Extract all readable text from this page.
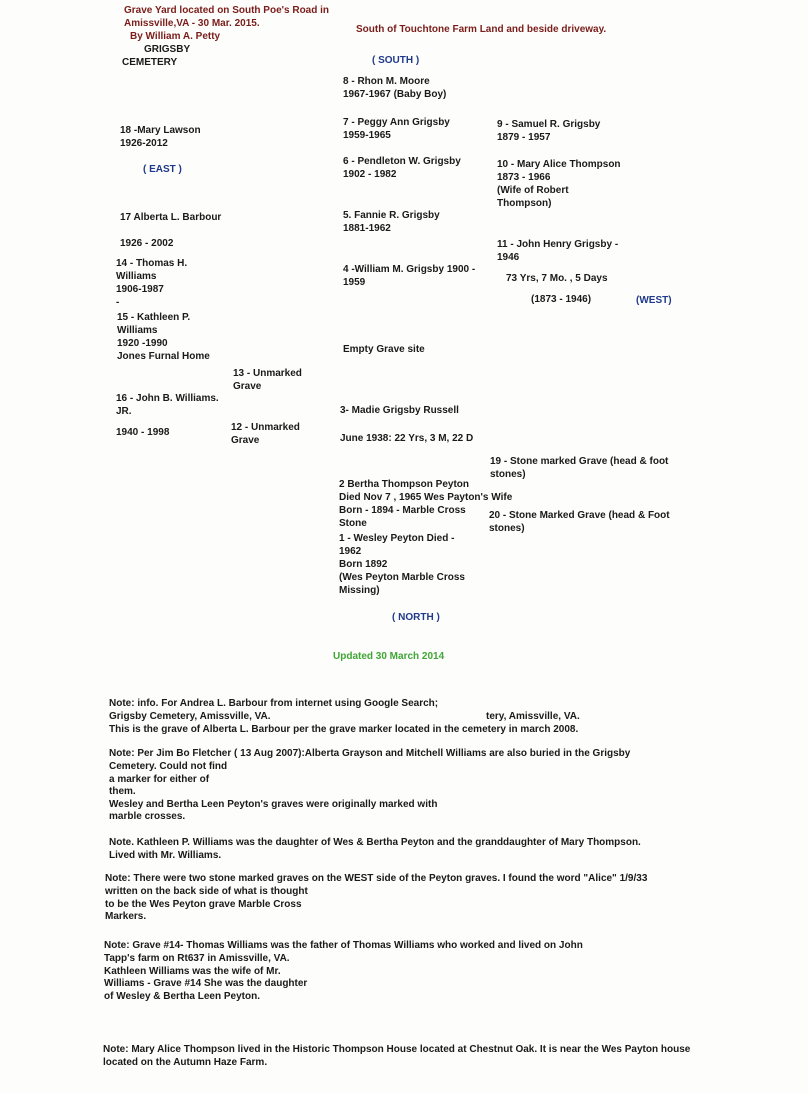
Grave Yard located on South Poe's Road in

Amissville,VA - 30 Mar. 2015.

By William A. Petty

GRIGSBY

CEMETERY

South of Touchtone Farm Land and beside driveway.

( SOUTH )

( EAST )

(WEST)

( NORTH )

8 - Rhon M. Moore
1967-1967 (Baby Boy)

7 - Peggy Ann Grigsby
1959-1965

9 - Samuel R. Grigsby
1879 - 1957

18 -Mary Lawson
1926-2012

6 - Pendleton W. Grigsby
1902 - 1982

10 - Mary Alice Thompson
1873 - 1966
(Wife of Robert
Thompson)

17 Alberta L. Barbour	5. Fannie R. Grigsby
1881-1962

1926 - 2002	11 - John Henry Grigsby -
1946

73 Yrs, 7 Mo. , 5 Days

(1873 - 1946)

14 - Thomas H.
Williams
1906-1987
-

4 -William M. Grigsby 1900 -
1959

15 - Kathleen P.
Williams
1920 -1990
Jones Furnal Home

Empty Grave site

13 - Unmarked
Grave

16 - John B. Williams.
JR.	3- Madie Grigsby Russell

1940 - 1998	12 - Unmarked
Grave	June 1938: 22 Yrs, 3 M, 22 D

19 - Stone marked Grave (head & foot
stones)

2 Bertha Thompson Peyton
Died Nov 7 , 1965 Wes Payton's Wife
Born - 1894 - Marble Cross
Stone

20 - Stone Marked Grave (head & Foot
stones)

1 - Wesley Peyton Died -
1962
Born 1892
(Wes Peyton Marble Cross
Missing)

Updated 30 March 2014

Note: info. For Andrea L. Barbour from internet using Google Search;

Grigsby Cemetery, Amissville, VA.	tery, Amissville, VA.

This is the grave of Alberta L. Barbour per the grave marker located in the cemetery in march 2008.

Note: Per Jim Bo Fletcher ( 13 Aug 2007):Alberta Grayson and Mitchell Williams are also buried in the Grigsby

Cemetery. Could not find
a marker for either of
them.
Wesley and Bertha Leen Peyton's graves were originally marked with
marble crosses.

Note. Kathleen P. Williams was the daughter of Wes & Bertha Peyton and the granddaughter of Mary Thompson.

Lived with Mr. Williams.

Note: There were two stone marked graves on the WEST side of the Peyton graves. I found the word "Alice" 1/9/33

written on the back side of what is thought
to be the Wes Peyton grave Marble Cross
Markers.

Note: Grave #14- Thomas Williams was the father of Thomas Williams who worked and lived on John

Tapp's farm on Rt637 in Amissville, VA.
Kathleen Williams was the wife of Mr.
Williams - Grave #14 She was the daughter
of Wesley & Bertha Leen Peyton.

Note: Mary Alice Thompson lived in the Historic Thompson House located at Chestnut Oak. It is near the Wes Payton house

located on the Autumn Haze Farm.
